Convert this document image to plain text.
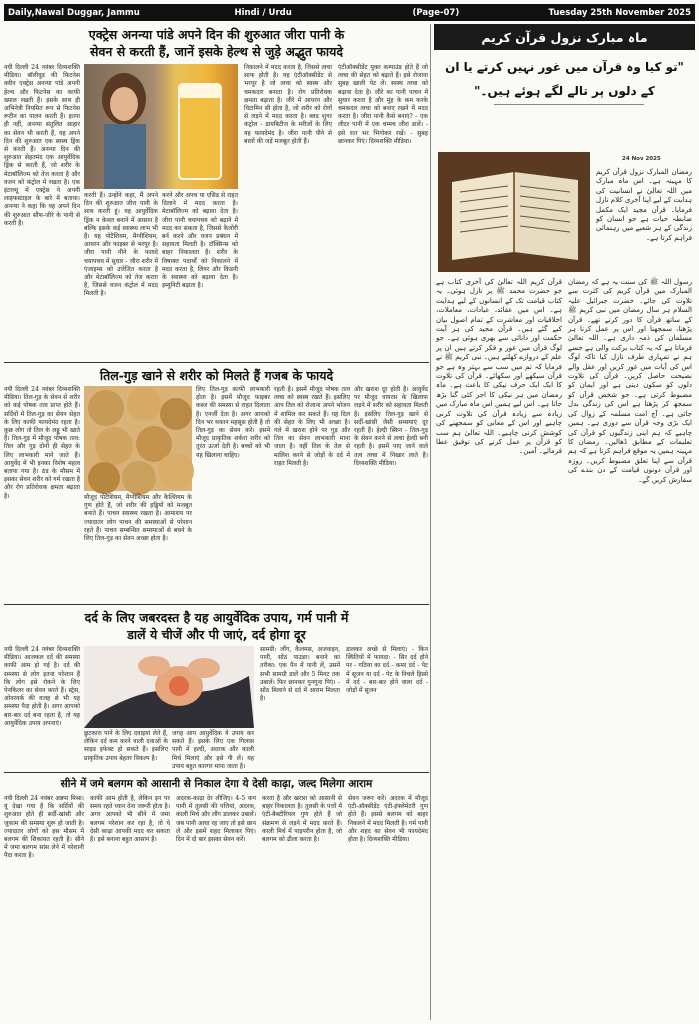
Daily,Nawal Duggar, Jammu	Hindi / Urdu	(Page-07)	Tuesday 25th November 2025
एक्ट्रेस अनन्या पांडे अपने दिन की शुरुआत जीरा पानी के
सेवन से करती हैं, जानें इसके हेल्थ से जुड़े अद्भुत फायदे
नयी दिल्ली 24 नवंबर दिव्यशक्ति मीडिया। बॉलीवुड की फिटनेस क्वीन एक्ट्रेस अनन्या पांडे अपनी हेल्थ और फिटनेस का काफी ख्याल रखती हैं। इसके साथ ही अभिनेत्री नियमित रूप से फिटनेस रूटीन का पालन करती हैं। इतना ही नहीं, अनन्या संतुलित आहार का सेवन भी करती हैं, वह अपने दिन की शुरुआत एक स्वस्थ ड्रिंक से करती हैं। अनन्या दिन की शुरुआत सेहतमंद एक आयुर्वेदिक ड्रिंक से करती हैं, जो शरीर के मेटाबॉलिज्म को तेज करता है और वजन को कंट्रोल में रखता है। एक इंटरव्यू में एक्ट्रेस ने अपनी लाइफस्टाइल के बारे में बताया। अनन्या ने कहा कि वह अपने दिन की शुरुआत सौंफ-जीरे के पानी से करती हैं।
करती हैं। उन्होंने कहा, मैं अपने दिन की शुरुआत जीरा पानी के साथ करती हूं। यह आयुर्वेदिक ड्रिंक न केवल बनाने में आसान है बल्कि इसके कई स्वास्थ्य लाभ भी हैं। यह पोटैशियम, मैग्नीशियम, आयरन और फाइबर से भरपूर है। जीरा पानी पीने के फायदे चयापचय में सुधार - जीरा शरीर में एंजाइम्स को उत्तेजित करता है और मेटाबॉलिज्म को तेज करता है, जिससे वजन कंट्रोल में मदद मिलती है।
करने और अपच या एसिड से राहत दिलाने में मदद करता है। मेटाबॉलिज्म को बढ़ावा देता है। जीरा पानी चयापचय को बढ़ाने में मदद कर सकता है, जिससे कैलोरी बर्न करने और वजन प्रबंधन में सहायता मिलती है। टॉक्सिन्स को बाहर निकालता है। शरीर के विषाक्त पदार्थों को निकालने में मदद करता है, लिवर और किडनी के स्वास्थ्य को बढ़ावा देता है। इम्युनिटी बढ़ाता है।
निकालने में मदद करता है, जिससे त्वचा साफ होती है। यह एंटीऑक्सीडेंट से भरपूर है जो त्वचा को स्वस्थ और चमकदार बनाता है। रोग प्रतिरोधक क्षमता बढ़ाता है। जीरे में आयरन और विटामिन सी होता है, जो शरीर को रोगों से लड़ने में मदद करता है। ब्लड शुगर कंट्रोल - डायबिटीज के मरीजों के लिए यह फायदेमंद है। जीरा पानी पीने से बालों की जड़ें मजबूत होती हैं।
एंटीऑक्सीडेंट युक्त कम्पाउंड होते हैं जो त्वचा की सेहत को बढ़ाते हैं। इसे रोजाना सुबह खाली पेट लें। स्वस्थ त्वचा को बढ़ावा देता है। जीरे का पानी पाचन में सुधार करता है और मुंह के कम करके चमकदार त्वचा को बनाए रखने में मदद करता है। जीरा पानी कैसे बनाएं? - एक लीटर पानी में एक चम्मच जीरा डालें। - इसे रात भर भिगोकर रखें। - सुबह छानकर पिएं। दिव्यशक्ति मीडिया।
तिल-गुड़ खाने से शरीर को मिलते हैं गजब के फायदे
नयी दिल्ली 24 नवंबर दिव्यशक्ति मीडिया। तिल-गुड़ के सेवन से शरीर को कई पोषक तत्व प्राप्त होते हैं। सर्दियों में तिल-गुड़ का सेवन सेहत के लिए काफी फायदेमंद रहता है। कुछ लोग तो तिल के लड्डू भी खाते हैं। तिल-गुड़ में मौजूद पोषक तत्व: तिल और गुड़ दोनों ही सेहत के लिए लाभकारी माने जाते हैं। आयुर्वेद में भी इनका विशेष महत्व बताया गया है। ठंड के मौसम में इसका सेवन शरीर को गर्म रखता है और रोग प्रतिरोधक क्षमता बढ़ाता है।	मौजूद पोटैशियम, मैग्नीशियम और कैल्शियम के गुण होते हैं, जो शरीर की हड्डियों को मजबूत बनाते हैं। पाचन स्वास्थ्य रखता है। आमाशय पर ज्यादातर लोग पाचन की समस्याओं से परेशान रहते हैं। पाचन सम्बन्धित समस्याओं से बचने के लिए तिल-गुड़ का सेवन अच्छा होता है।
लिए तिल-गुड़ काफी लाभकारी होता है। इसमें मौजूद फाइबर कब्ज की समस्या से राहत दिलाता है। एनर्जी देता है। अगर आपको दिन भर थकान महसूस होती है तो तिल-गुड़ का सेवन करें। इसमें मौजूद प्राकृतिक शर्करा शरीर को तुरंत ऊर्जा देती है। बच्चों को भी यह खिलाना चाहिए।
रहती है। इसमें मौजूद पोषक तत्व त्वचा को स्वस्थ रखते हैं। इसलिए आप तिल को रोजाना अपने भोजन में शामिल कर सकते हैं। यह दिल की सेहत के लिए भी अच्छा है। गले में खराश होने पर गुड़ और तिल का सेवन लाभकारी माना जाता है। वहीं तिल के तेल से मालिश करने से जोड़ों के दर्द में राहत मिलती है।
और खराश दूर होती है। आयुर्वेद पर मौजूद वायरस के खिलाफ लड़ने में शरीर को सहायता मिलती है। इसलिए तिल-गुड़ खाने से सर्दी-खांसी जैसी समस्याएं दूर रहती हैं। हेल्दी स्किन - तिल-गुड़ के सेवन करने से त्वचा हेल्दी बनी रहती है। इसमें पाए जाने वाले तत्व त्वचा में निखार लाते हैं। दिव्यशक्ति मीडिया।
दर्द के लिए जबरदस्त है यह आयुर्वेदिक उपाय, गर्म पानी में
डालें ये चीजें और पी जाएं, दर्द होगा दूर
नयी दिल्ली 24 नवंबर दिव्यशक्ति मीडिया। आजकल दर्द की समस्या काफी आम हो गई है। दर्द की समस्या से लोग इतना परेशान हैं कि लोग इसे रोकने के लिए पेनकिलर का सेवन करते हैं। स्ट्रेस, ओवरवर्क की वजह से भी यह समस्या पैदा होती है। अगर आपको बार-बार दर्द बना रहता है, तो यह आयुर्वेदिक उपाय अपनाएं।
छुटकारा पाने के लिए दवाइयां लेते हैं, लेकिन दर्द कम करने वाली दवाओं के साइड इफेक्ट हो सकते हैं। इसलिए प्राकृतिक उपाय बेहतर विकल्प है।
जगह आप आयुर्वेदिक ये उपाय कर सकते हैं। इसके लिए एक गिलास पानी में हल्दी, अदरक और काली मिर्च मिलाएं और इसे पी लें। यह उपाय बहुत कारगर माना जाता है।
सामग्री: लौंग, कैलमस, अजवाइन, पानी, सोंठ पाउडर। बनाने का तरीका: एक पैन में पानी लें, उसमें सभी सामग्री डालें और 5 मिनट तक उबालें। फिर छानकर गुनगुना पिएं। - सोंठ मिलाने से दर्द में आराम मिलता है।
डालकर अच्छे से मिलाएं। - किन स्थितियों में फायदा: - सिर दर्द होने पर - गठिया का दर्द - कमर दर्द - पेट में सूजन या दर्द - पेट के निचले हिस्से में दर्द - बार-बार होने वाला दर्द - जोड़ों में सूजन
सीने में जमे बलगम को आसानी से निकाल देगा ये देसी काढ़ा, जल्द मिलेगा आराम
नयी दिल्ली 24 नवंबर अन्नपा मिश्रा। यूं देखा गया है कि सर्दियों की शुरुआत होते ही सर्दी-खांसी और जुकाम की समस्या शुरू हो जाती है। ज्यादातर लोगों को इस मौसम में बलगम की शिकायत रहती है। सीने में जमा बलगम सांस लेने में परेशानी पैदा करता है।
काफी आम होती है, लेकिन इन पर समय रहते ध्यान देना जरूरी होता है। अगर आपको भी सीने में जमा बलगम परेशान कर रहा है, तो ये देसी काढ़ा आपकी मदद कर सकता है। इसे बनाना बहुत आसान है।
अदरक-काढ़ा देर लीजिए। 4-5 कप पानी में तुलसी की पत्तियां, अदरक, काली मिर्च और लौंग डालकर उबालें। जब पानी आधा रह जाए तो इसे छान लें और इसमें शहद मिलाकर पिएं। दिन में दो बार इसका सेवन करें।
करता है और खराश को आसानी से बाहर निकालता है। तुलसी के पत्तों में एंटी-बैक्टीरियल गुण होते हैं जो संक्रमण से लड़ने में मदद करते हैं। काली मिर्च में पाइपरीन होता है, जो बलगम को ढीला करता है।
सेवन जरूर करें। अदरक में मौजूद एंटी-ऑक्सीडेंट एंटी-इंफ्लेमेटरी गुण होते हैं। इससे बलगम को बाहर निकलने में मदद मिलती है। गर्म पानी और शहद का सेवन भी फायदेमंद होता है। दिव्यशक्ति मीडिया।
ماہ مبارک نزول قرآن کریم
"تو کیا وہ قرآن میں غور نہیں کرتے یا ان
کے دلوں پر تالے لگے ہوئے ہیں۔"
24 Nov 2025
رمضان المبارک نزول قرآن کریم کا مہینہ ہے۔ اس ماہ مبارک میں اللہ تعالیٰ نے انسانیت کی ہدایت کے لیے اپنا آخری کلام نازل فرمایا۔ قرآن مجید ایک مکمل ضابطہ حیات ہے جو انسان کو زندگی کے ہر شعبے میں رہنمائی فراہم کرتا ہے۔
رسول اللہ ﷺ کی سنت یہ ہے کہ رمضان المبارک میں قرآن کریم کی کثرت سے تلاوت کی جائے۔ حضرت جبرائیل علیہ السلام ہر سال رمضان میں نبی کریم ﷺ کے ساتھ قرآن کا دور کرتے تھے۔ قرآن پڑھنا، سمجھنا اور اس پر عمل کرنا ہر مسلمان کی ذمہ داری ہے۔ اللہ تعالیٰ فرماتا ہے کہ یہ کتاب برکت والی ہے جسے ہم نے تمہاری طرف نازل کیا تاکہ لوگ اس کی آیات میں غور کریں اور عقل والے نصیحت حاصل کریں۔ قرآن کی تلاوت دلوں کو سکون دیتی ہے اور ایمان کو مضبوط کرتی ہے۔ جو شخص قرآن کو سمجھ کر پڑھتا ہے اس کی زندگی بدل جاتی ہے۔ آج امت مسلمہ کے زوال کی ایک بڑی وجہ قرآن سے دوری ہے۔ ہمیں چاہیے کہ ہم اپنی زندگیوں کو قرآن کی تعلیمات کے مطابق ڈھالیں۔ رمضان کا مہینہ ہمیں یہ موقع فراہم کرتا ہے کہ ہم قرآن سے اپنا تعلق مضبوط کریں۔ روزہ اور قرآن دونوں قیامت کے دن بندے کی سفارش کریں گے۔
قرآن کریم اللہ تعالیٰ کی آخری کتاب ہے جو حضرت محمد ﷺ پر نازل ہوئی۔ یہ کتاب قیامت تک کے انسانوں کے لیے ہدایت ہے۔ اس میں عقائد، عبادات، معاملات، اخلاقیات اور معاشرت کے تمام اصول بیان کیے گئے ہیں۔ قرآن مجید کی ہر آیت حکمت اور دانائی سے بھری ہوئی ہے۔ جو لوگ قرآن میں غور و فکر کرتے ہیں ان پر علم کے دروازے کھلتے ہیں۔ نبی کریم ﷺ نے فرمایا کہ تم میں سب سے بہتر وہ ہے جو قرآن سیکھے اور سکھائے۔ قرآن کی تلاوت کا ایک ایک حرف نیکی کا باعث ہے۔ ماہ رمضان میں ہر نیکی کا اجر کئی گنا بڑھ جاتا ہے۔ اس لیے ہمیں اس ماہ مبارک میں زیادہ سے زیادہ قرآن کی تلاوت کرنی چاہیے اور اس کے معانی کو سمجھنے کی کوشش کرنی چاہیے۔ اللہ تعالیٰ ہم سب کو قرآن پر عمل کرنے کی توفیق عطا فرمائے۔ آمین۔
